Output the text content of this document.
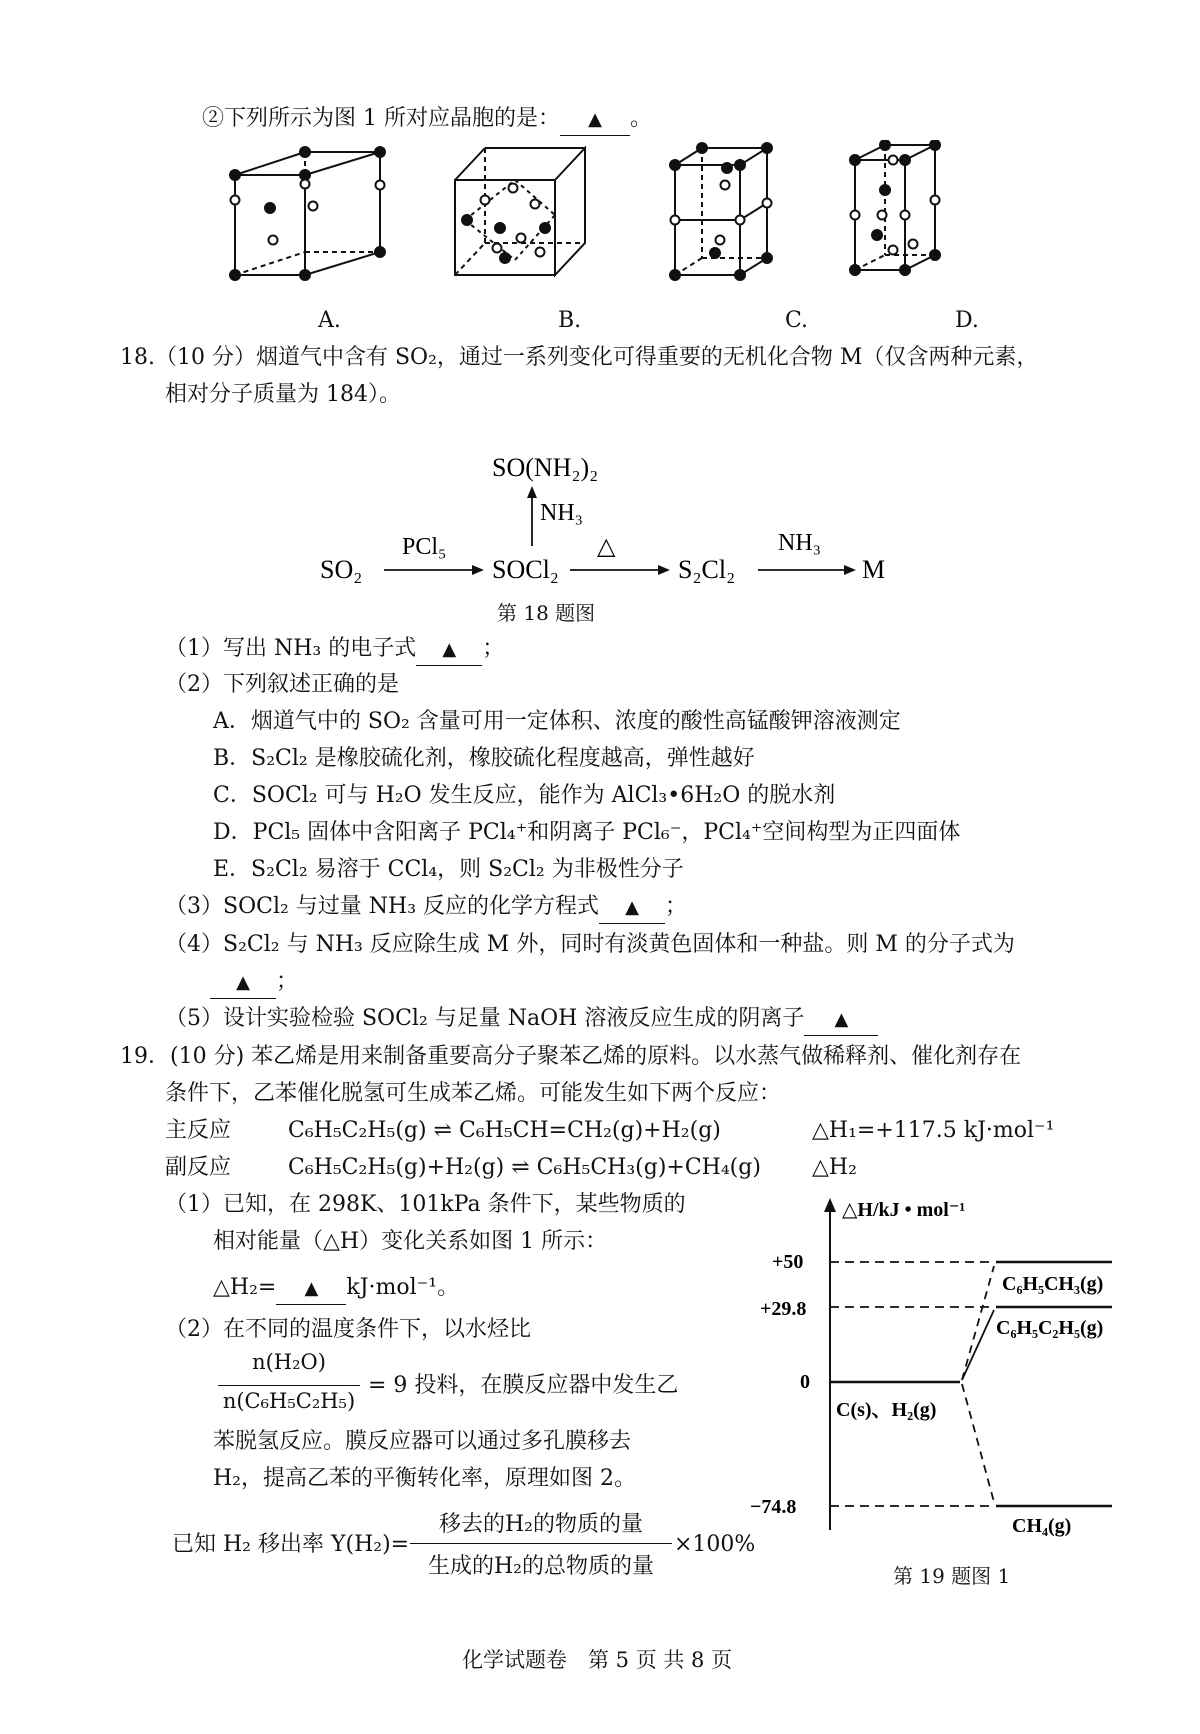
②下列所示为图 1 所对应晶胞的是： ▲ 。
A.	B.	C.	D.
18.（10 分）烟道气中含有 SO₂，通过一系列变化可得重要的无机化合物 M（仅含两种元素，
相对分子质量为 184）。
SO(NH₂)₂
NH₃
SO₂
PCl₅
SOCl₂
△
S₂Cl₂
NH₃
M
第 18 题图
（1）写出 NH₃ 的电子式 ▲ ；
（2）下列叙述正确的是
A．烟道气中的 SO₂ 含量可用一定体积、浓度的酸性高锰酸钾溶液测定
B．S₂Cl₂ 是橡胶硫化剂，橡胶硫化程度越高，弹性越好
C．SOCl₂ 可与 H₂O 发生反应，能作为 AlCl₃•6H₂O 的脱水剂
D．PCl₅ 固体中含阳离子 PCl₄⁺和阴离子 PCl₆⁻，PCl₄⁺空间构型为正四面体
E．S₂Cl₂ 易溶于 CCl₄，则 S₂Cl₂ 为非极性分子
（3）SOCl₂ 与过量 NH₃ 反应的化学方程式 ▲ ；
（4）S₂Cl₂ 与 NH₃ 反应除生成 M 外，同时有淡黄色固体和一种盐。则 M 的分子式为
▲ ；
（5）设计实验检验 SOCl₂ 与足量 NaOH 溶液反应生成的阴离子 ▲
19．(10 分) 苯乙烯是用来制备重要高分子聚苯乙烯的原料。以水蒸气做稀释剂、催化剂存在
条件下，乙苯催化脱氢可生成苯乙烯。可能发生如下两个反应：
主反应	C₆H₅C₂H₅(g) ⇌ C₆H₅CH=CH₂(g)+H₂(g)	△H₁=+117.5 kJ·mol⁻¹
副反应	C₆H₅C₂H₅(g)+H₂(g) ⇌ C₆H₅CH₃(g)+CH₄(g) △H₂
（1）已知，在 298K、101kPa 条件下，某些物质的
相对能量（△H）变化关系如图 1 所示：
△H₂= ▲ kJ·mol⁻¹。
（2）在不同的温度条件下，以水烃比
n(H₂O)
n(C₆H₅C₂H₅)
= 9 投料，在膜反应器中发生乙
苯脱氢反应。膜反应器可以通过多孔膜移去
H₂，提高乙苯的平衡转化率，原理如图 2。
已知 H₂ 移出率 Y(H₂)=
移去的H₂的物质的量
生成的H₂的总物质的量
×100%
△H/kJ • mol⁻¹
+50
+29.8
0
−74.8
C₆H₅CH₃(g)
C₆H₅C₂H₅(g)
C(s)、H₂(g)
CH₄(g)
第 19 题图 1
化学试题卷　第 5 页 共 8 页
